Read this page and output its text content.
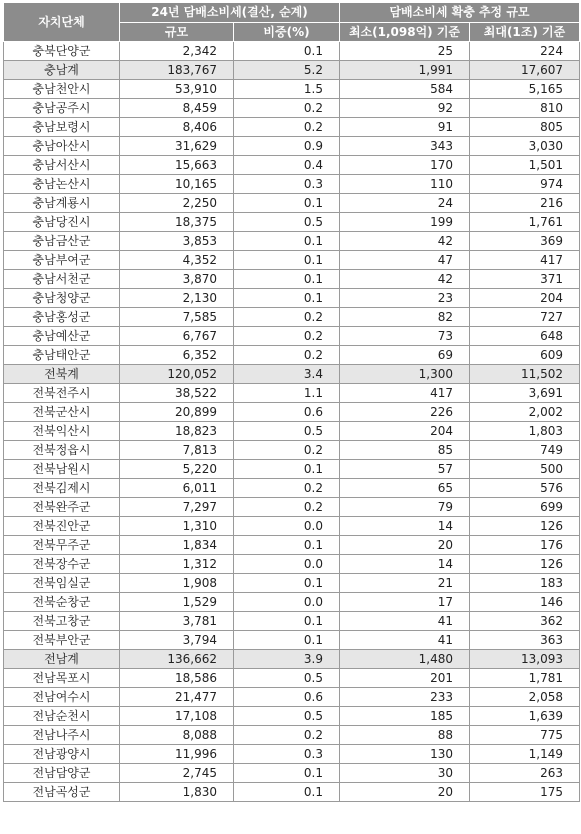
자치단체	24년 담배소비세(결산, 순계)		담배소비세 확충 추정 규모	
	규모	비중(%)	최소(1,098억) 기준	최대(1조) 기준
충북단양군	2,342	0.1	25	224
충남계	183,767	5.2	1,991	17,607
충남천안시	53,910	1.5	584	5,165
충남공주시	8,459	0.2	92	810
충남보령시	8,406	0.2	91	805
충남아산시	31,629	0.9	343	3,030
충남서산시	15,663	0.4	170	1,501
충남논산시	10,165	0.3	110	974
충남계룡시	2,250	0.1	24	216
충남당진시	18,375	0.5	199	1,761
충남금산군	3,853	0.1	42	369
충남부여군	4,352	0.1	47	417
충남서천군	3,870	0.1	42	371
충남청양군	2,130	0.1	23	204
충남홍성군	7,585	0.2	82	727
충남예산군	6,767	0.2	73	648
충남태안군	6,352	0.2	69	609
전북계	120,052	3.4	1,300	11,502
전북전주시	38,522	1.1	417	3,691
전북군산시	20,899	0.6	226	2,002
전북익산시	18,823	0.5	204	1,803
전북정읍시	7,813	0.2	85	749
전북남원시	5,220	0.1	57	500
전북김제시	6,011	0.2	65	576
전북완주군	7,297	0.2	79	699
전북진안군	1,310	0.0	14	126
전북무주군	1,834	0.1	20	176
전북장수군	1,312	0.0	14	126
전북임실군	1,908	0.1	21	183
전북순창군	1,529	0.0	17	146
전북고창군	3,781	0.1	41	362
전북부안군	3,794	0.1	41	363
전남계	136,662	3.9	1,480	13,093
전남목포시	18,586	0.5	201	1,781
전남여수시	21,477	0.6	233	2,058
전남순천시	17,108	0.5	185	1,639
전남나주시	8,088	0.2	88	775
전남광양시	11,996	0.3	130	1,149
전남담양군	2,745	0.1	30	263
전남곡성군	1,830	0.1	20	175
